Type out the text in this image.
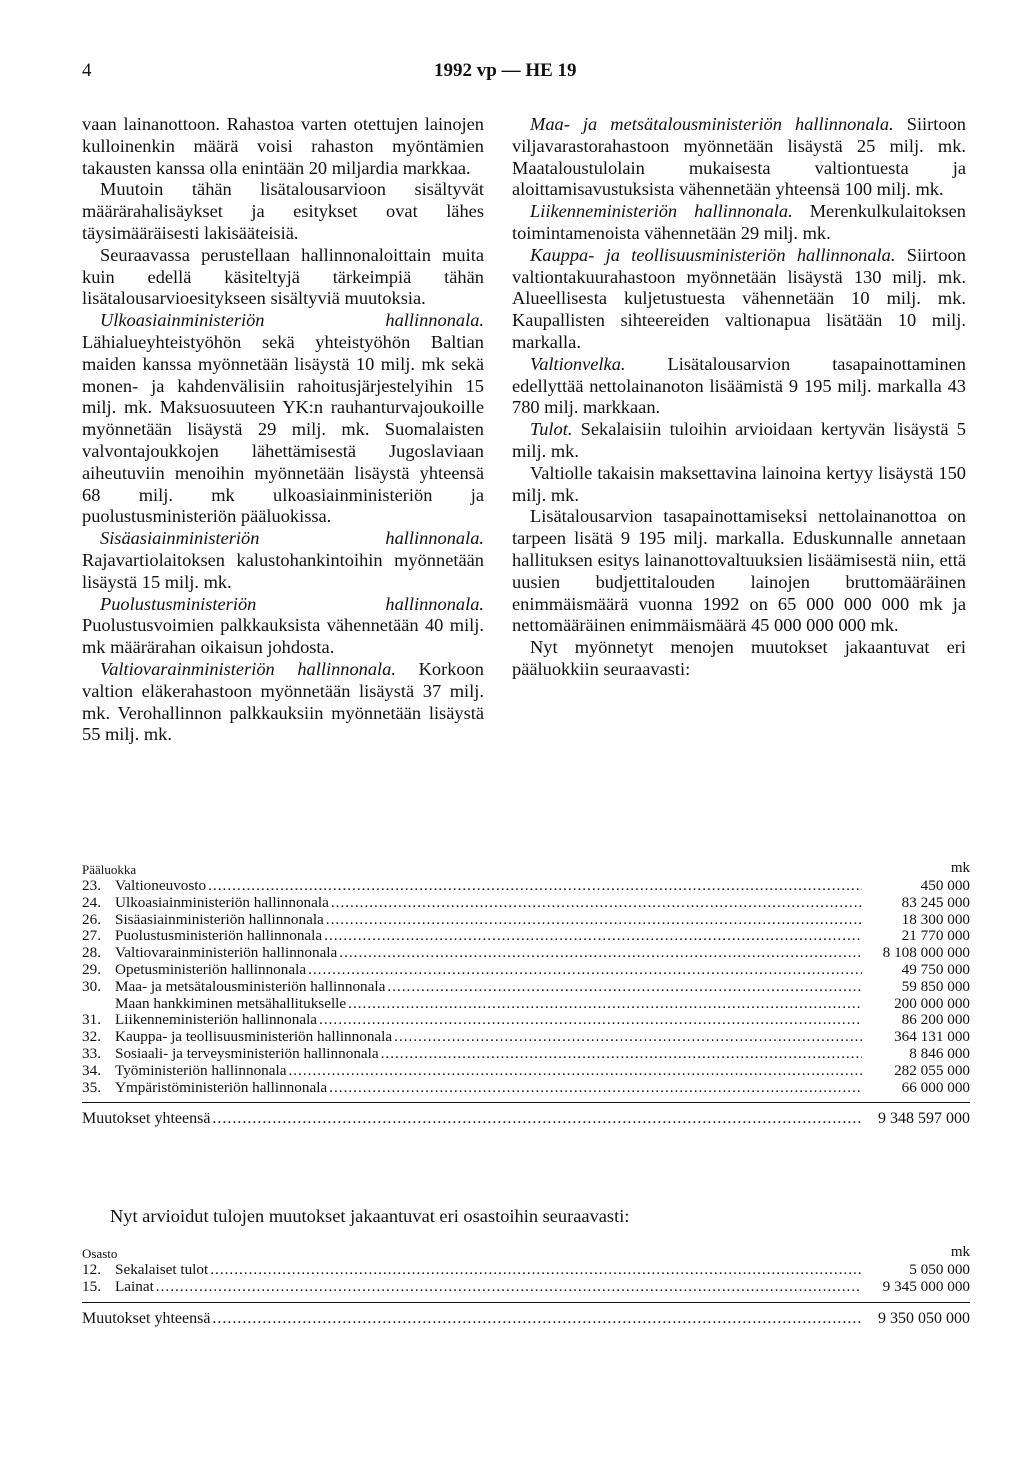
4	1992 vp — HE 19

vaan lainanottoon. Rahastoa varten otettujen lainojen kulloinenkin määrä voisi rahaston myöntämien takausten kanssa olla enintään 20 miljardia markkaa.

Muutoin tähän lisätalousarvioon sisältyvät määrärahalisäykset ja esitykset ovat lähes täysimääräisesti lakisääteisiä.

Seuraavassa perustellaan hallinnonaloittain muita kuin edellä käsiteltyjä tärkeimpiä tähän lisätalousarvioesitykseen sisältyviä muutoksia.

Ulkoasiainministeriön hallinnonala. Lähialueyhteistyöhön sekä yhteistyöhön Baltian maiden kanssa myönnetään lisäystä 10 milj. mk sekä monen- ja kahdenvälisiin rahoitusjärjestelyihin 15 milj. mk. Maksuosuuteen YK:n rauhanturvajoukoille myönnetään lisäystä 29 milj. mk. Suomalaisten valvontajoukkojen lähettämisestä Jugoslaviaan aiheutuviin menoihin myönnetään lisäystä yhteensä 68 milj. mk ulkoasiainministeriön ja puolustusministeriön pääluokissa.

Sisäasiainministeriön hallinnonala. Rajavartiolaitoksen kalustohankintoihin myönnetään lisäystä 15 milj. mk.

Puolustusministeriön hallinnonala. Puolustusvoimien palkkauksista vähennetään 40 milj. mk määrärahan oikaisun johdosta.

Valtiovarainministeriön hallinnonala. Korkoon valtion eläkerahastoon myönnetään lisäystä 37 milj. mk. Verohallinnon palkkauksiin myönnetään lisäystä 55 milj. mk.

Maa- ja metsätalousministeriön hallinnonala. Siirtoon viljavarastorahastoon myönnetään lisäystä 25 milj. mk. Maataloustulolain mukaisesta valtiontuesta ja aloittamisavustuksista vähennetään yhteensä 100 milj. mk.

Liikenneministeriön hallinnonala. Merenkulkulaitoksen toimintamenoista vähennetään 29 milj. mk.

Kauppa- ja teollisuusministeriön hallinnonala. Siirtoon valtiontakuurahastoon myönnetään lisäystä 130 milj. mk. Alueellisesta kuljetustuesta vähennetään 10 milj. mk. Kaupallisten sihteereiden valtionapua lisätään 10 milj. markalla.

Valtionvelka. Lisätalousarvion tasapainottaminen edellyttää nettolainanoton lisäämistä 9 195 milj. markalla 43 780 milj. markkaan.

Tulot. Sekalaisiin tuloihin arvioidaan kertyvän lisäystä 5 milj. mk.

Valtiolle takaisin maksettavina lainoina kertyy lisäystä 150 milj. mk.

Lisätalousarvion tasapainottamiseksi nettolainanottoa on tarpeen lisätä 9 195 milj. markalla. Eduskunnalle annetaan hallituksen esitys lainanottovaltuuksien lisäämisestä niin, että uusien budjettitalouden lainojen bruttomääräinen enimmäismäärä vuonna 1992 on 65 000 000 000 mk ja nettomääräinen enimmäismäärä 45 000 000 000 mk.

Nyt myönnetyt menojen muutokset jakaantuvat eri pääluokkiin seuraavasti:

Pääluokka	mk
23. Valtioneuvosto .....	450 000
24. Ulkoasiainministeriön hallinnonala .....	83 245 000
26. Sisäasiainministeriön hallinnonala .....	18 300 000
27. Puolustusministeriön hallinnonala .....	21 770 000
28. Valtiovarainministeriön hallinnonala .....	8 108 000 000
29. Opetusministeriön hallinnonala .....	49 750 000
30. Maa- ja metsätalousministeriön hallinnonala .....	59 850 000
Maan hankkiminen metsähallitukselle .....	200 000 000
31. Liikenneministeriön hallinnonala .....	86 200 000
32. Kauppa- ja teollisuusministeriön hallinnonala .....	364 131 000
33. Sosiaali- ja terveysministeriön hallinnonala .....	8 846 000
34. Työministeriön hallinnonala .....	282 055 000
35. Ympäristöministeriön hallinnonala .....	66 000 000
Muutokset yhteensä .....	9 348 597 000
Nyt arvioidut tulojen muutokset jakaantuvat eri osastoihin seuraavasti:
Osasto	mk
12. Sekalaiset tulot .....	5 050 000
15. Lainat .....	9 345 000 000
Muutokset yhteensä .....	9 350 050 000
